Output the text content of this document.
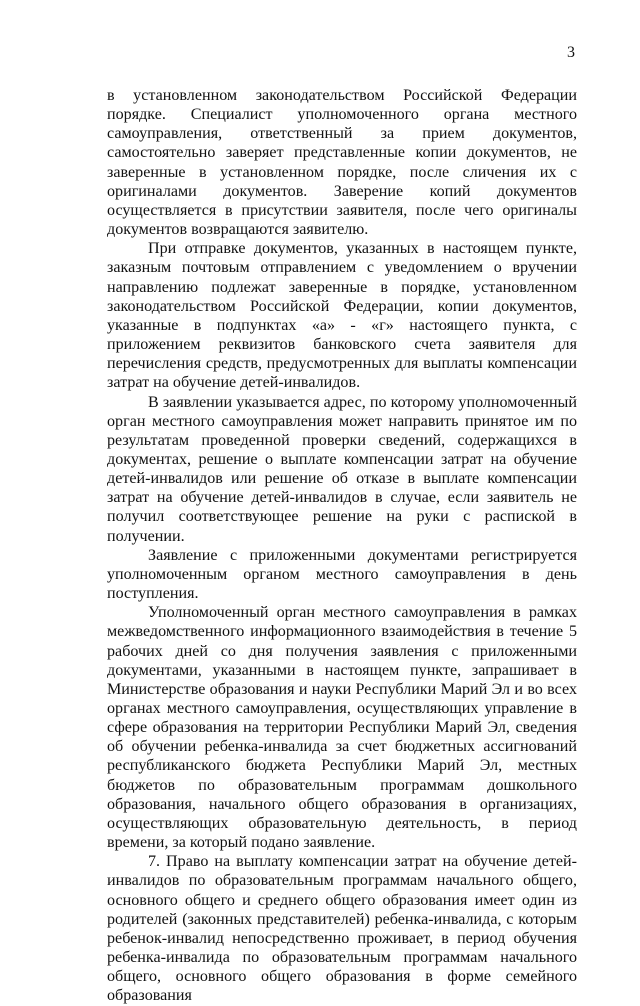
3

в установленном законодательством Российской Федерации порядке. Специалист уполномоченного органа местного самоуправления, ответственный за прием документов, самостоятельно заверяет представленные копии документов, не заверенные в установленном порядке, после сличения их с оригиналами документов. Заверение копий документов осуществляется в присутствии заявителя, после чего оригиналы документов возвращаются заявителю.

При отправке документов, указанных в настоящем пункте, заказным почтовым отправлением с уведомлением о вручении направлению подлежат заверенные в порядке, установленном законодательством Российской Федерации, копии документов, указанные в подпунктах «а» - «г» настоящего пункта, с приложением реквизитов банковского счета заявителя для перечисления средств, предусмотренных для выплаты компенсации затрат на обучение детей-инвалидов.

В заявлении указывается адрес, по которому уполномоченный орган местного самоуправления может направить принятое им по результатам проведенной проверки сведений, содержащихся в документах, решение о выплате компенсации затрат на обучение детей-инвалидов или решение об отказе в выплате компенсации затрат на обучение детей-инвалидов в случае, если заявитель не получил соответствующее решение на руки с распиской в получении.

Заявление с приложенными документами регистрируется уполномоченным органом местного самоуправления в день поступления.

Уполномоченный орган местного самоуправления в рамках межведомственного информационного взаимодействия в течение 5 рабочих дней со дня получения заявления с приложенными документами, указанными в настоящем пункте, запрашивает в Министерстве образования и науки Республики Марий Эл и во всех органах местного самоуправления, осуществляющих управление в сфере образования на территории Республики Марий Эл, сведения об обучении ребенка-инвалида за счет бюджетных ассигнований республиканского бюджета Республики Марий Эл, местных бюджетов по образовательным программам дошкольного образования, начального общего образования в организациях, осуществляющих образовательную деятельность, в период времени, за который подано заявление.

7. Право на выплату компенсации затрат на обучение детей-инвалидов по образовательным программам начального общего, основного общего и среднего общего образования имеет один из родителей (законных представителей) ребенка-инвалида, с которым ребенок-инвалид непосредственно проживает, в период обучения ребенка-инвалида по образовательным программам начального общего, основного общего образования в форме семейного образования
